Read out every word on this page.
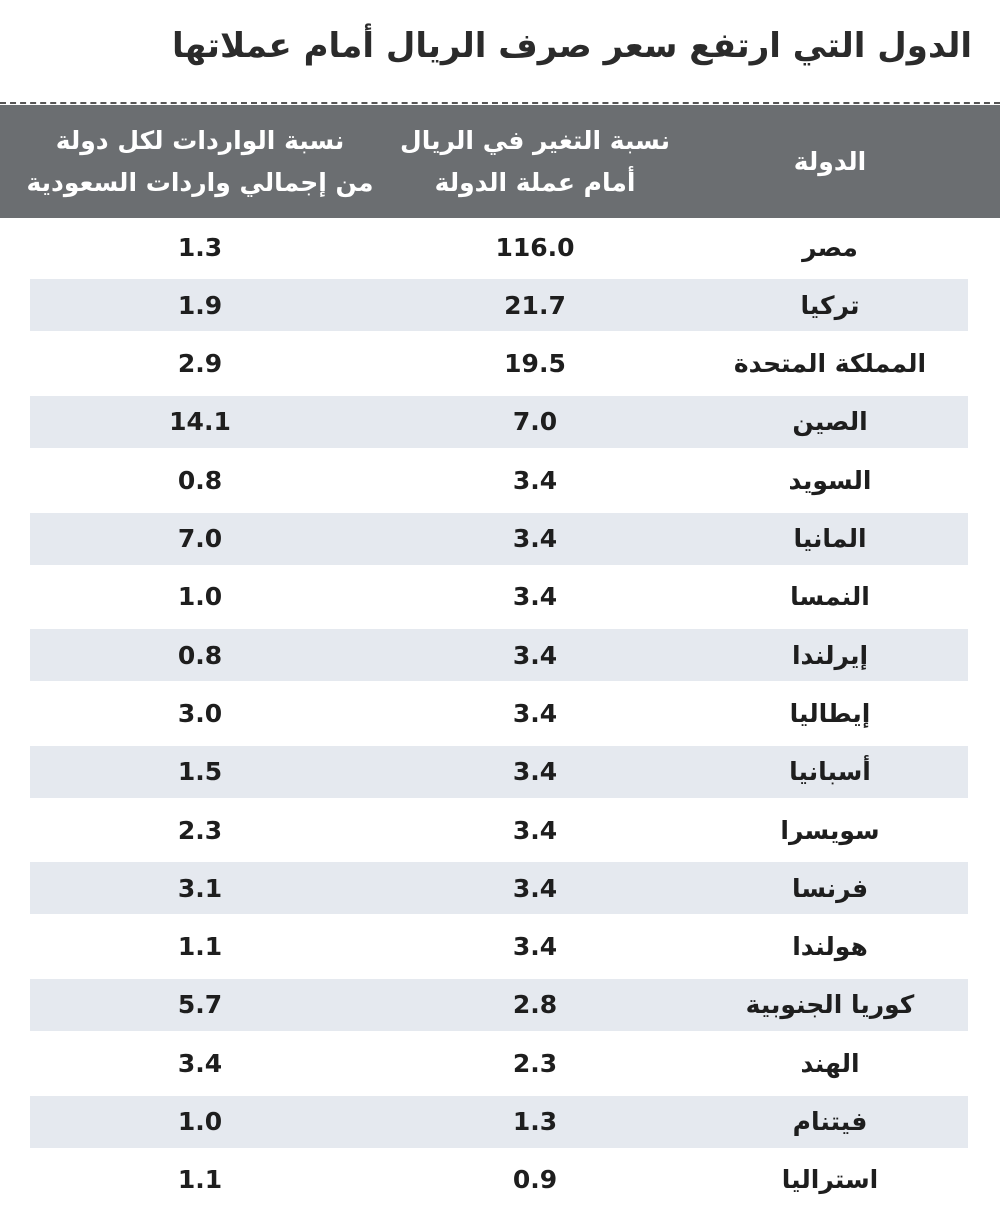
الدول التي ارتفع سعر صرف الريال أمام عملاتها
الدولة
نسبة التغير في الريال
أمام عملة الدولة
نسبة الواردات لكل دولة
من إجمالي واردات السعودية
مصر
116.0
1.3
تركيا
21.7
1.9
المملكة المتحدة
19.5
2.9
الصين
7.0
14.1
السويد
3.4
0.8
المانيا
3.4
7.0
النمسا
3.4
1.0
إيرلندا
3.4
0.8
إيطاليا
3.4
3.0
أسبانيا
3.4
1.5
سويسرا
3.4
2.3
فرنسا
3.4
3.1
هولندا
3.4
1.1
كوريا الجنوبية
2.8
5.7
الهند
2.3
3.4
فيتنام
1.3
1.0
استراليا
0.9
1.1
